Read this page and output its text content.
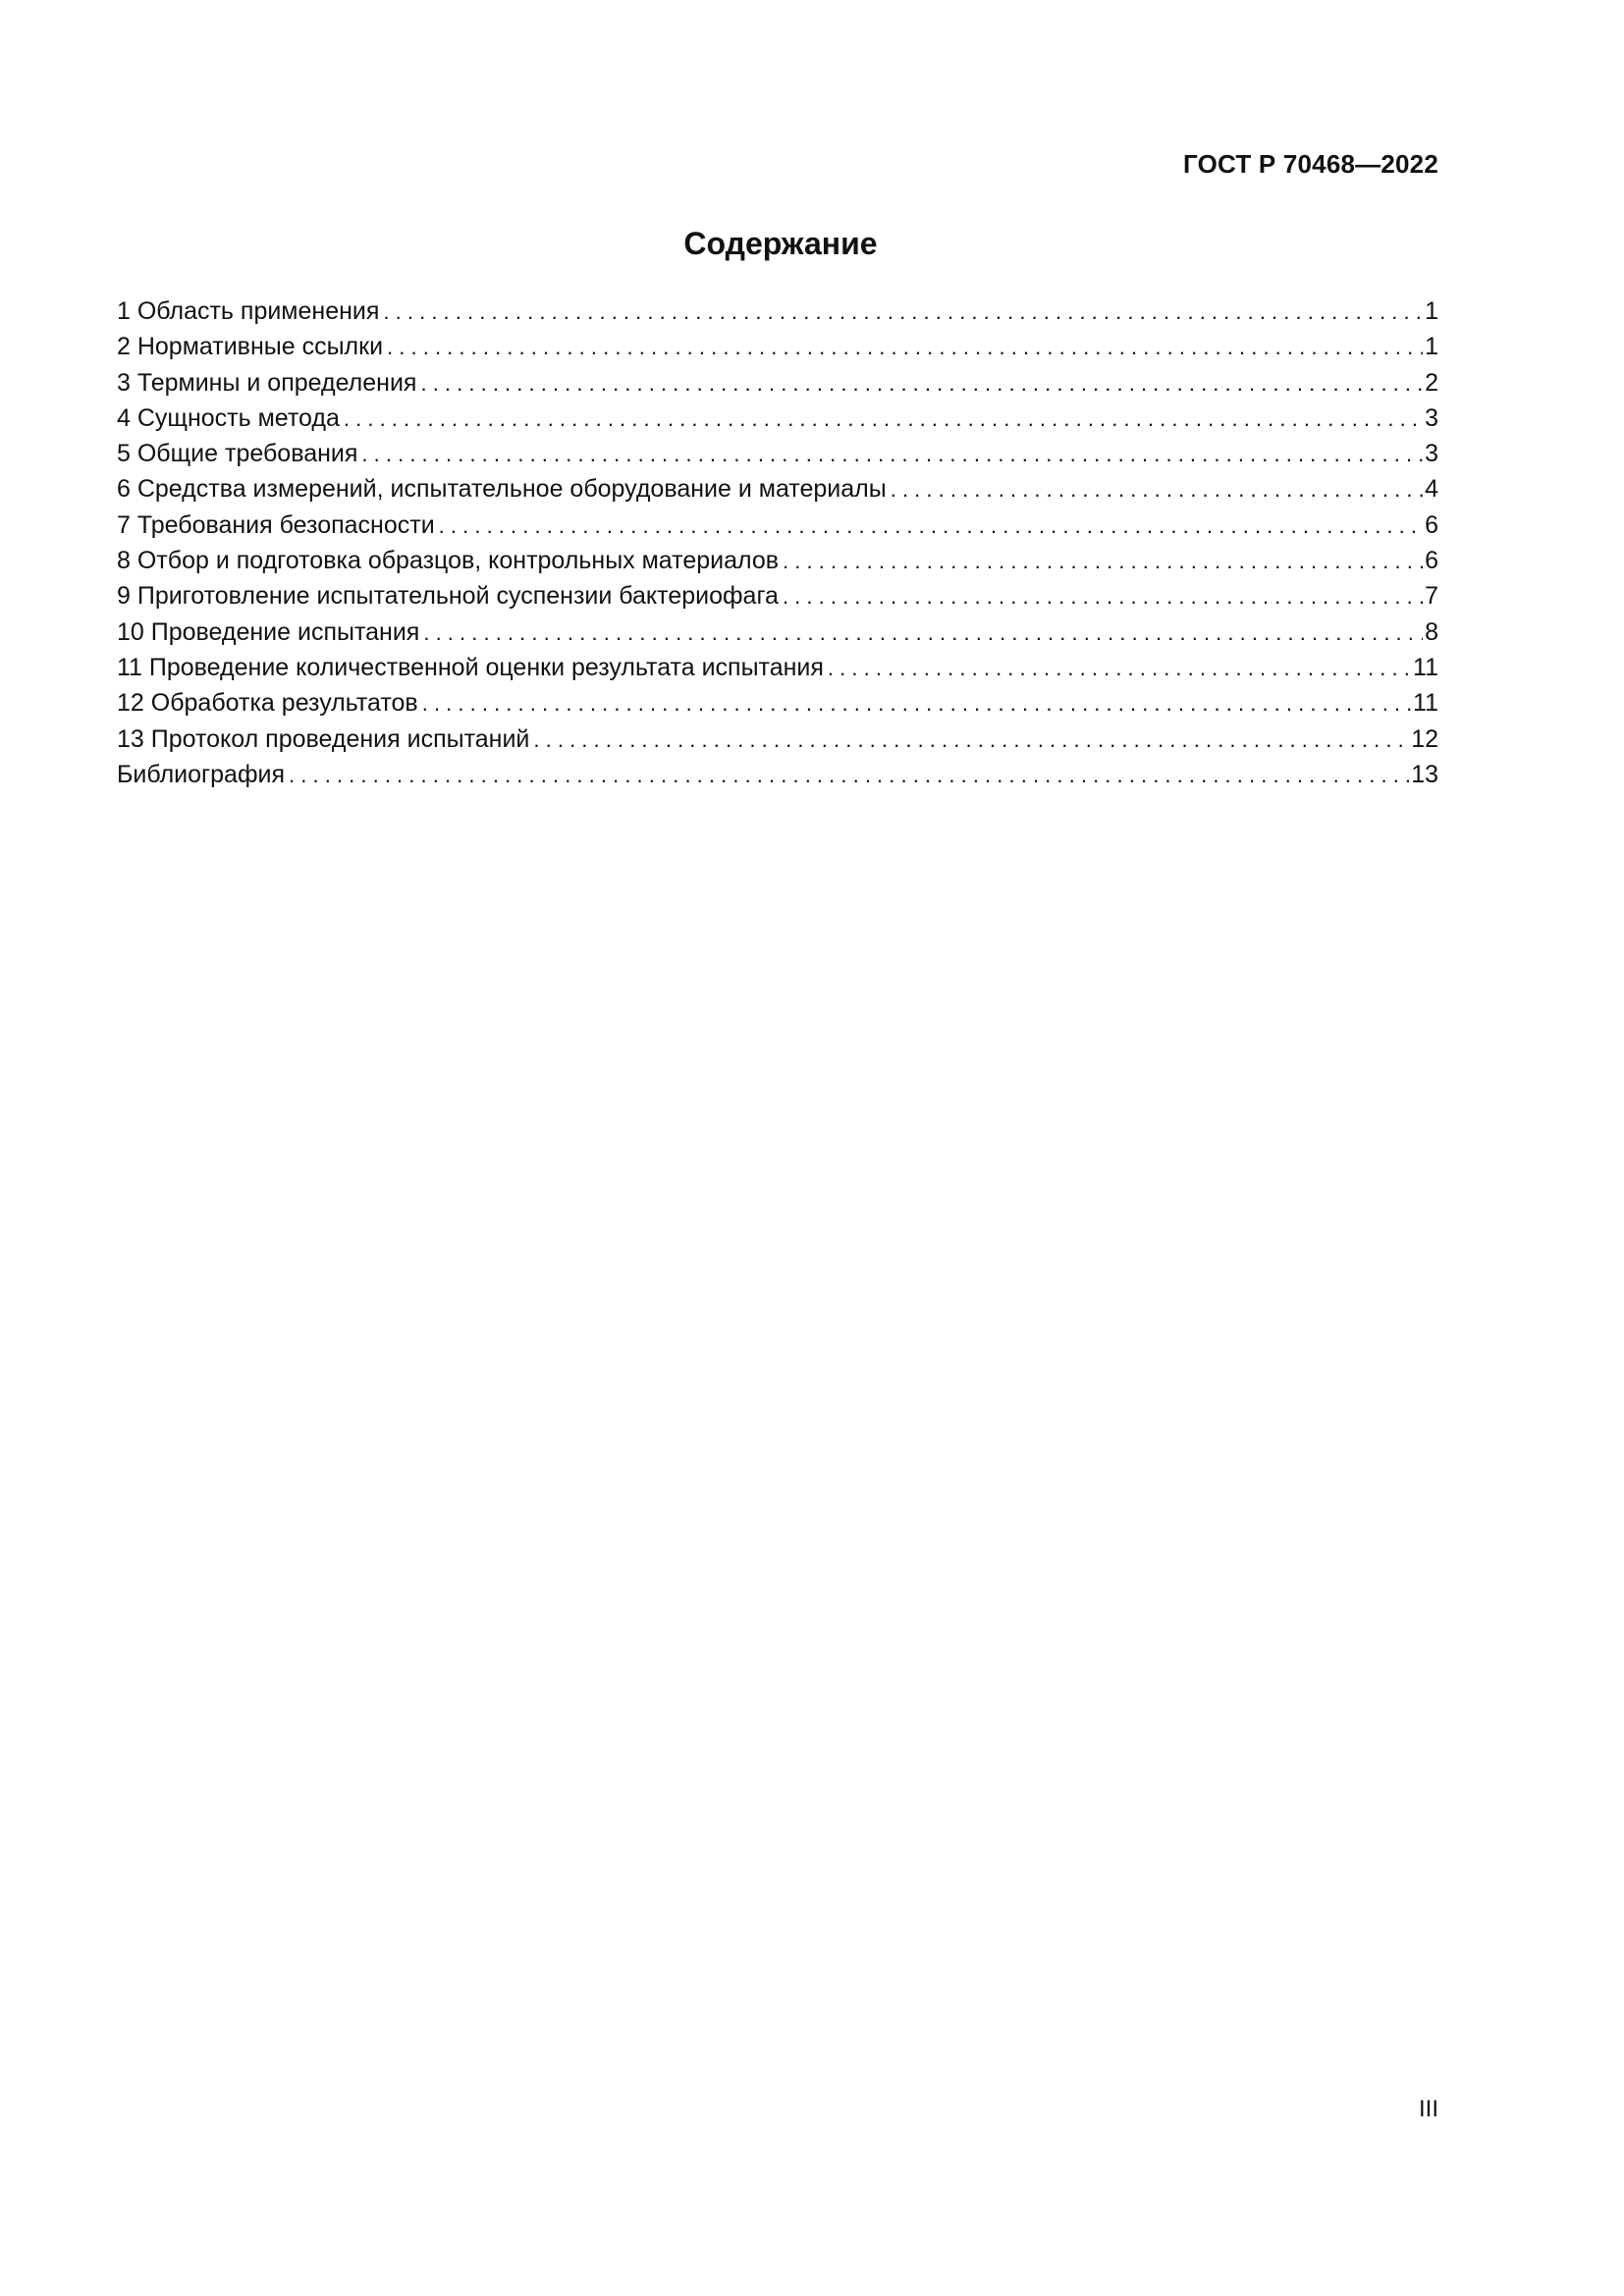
ГОСТ Р 70468—2022
Содержание
1 Область применения . . .	1
2 Нормативные ссылки . . .	1
3 Термины и определения . . .	2
4 Сущность метода . . .	3
5 Общие требования . . .	3
6 Средства измерений, испытательное оборудование и материалы . . .	4
7 Требования безопасности . . .	6
8 Отбор и подготовка образцов, контрольных материалов . . .	6
9 Приготовление испытательной суспензии бактериофага . . .	7
10 Проведение испытания . . .	8
11 Проведение количественной оценки результата испытания . . .	11
12 Обработка результатов . . .	11
13 Протокол проведения испытаний . . .	12
Библиография . . .	13
III
